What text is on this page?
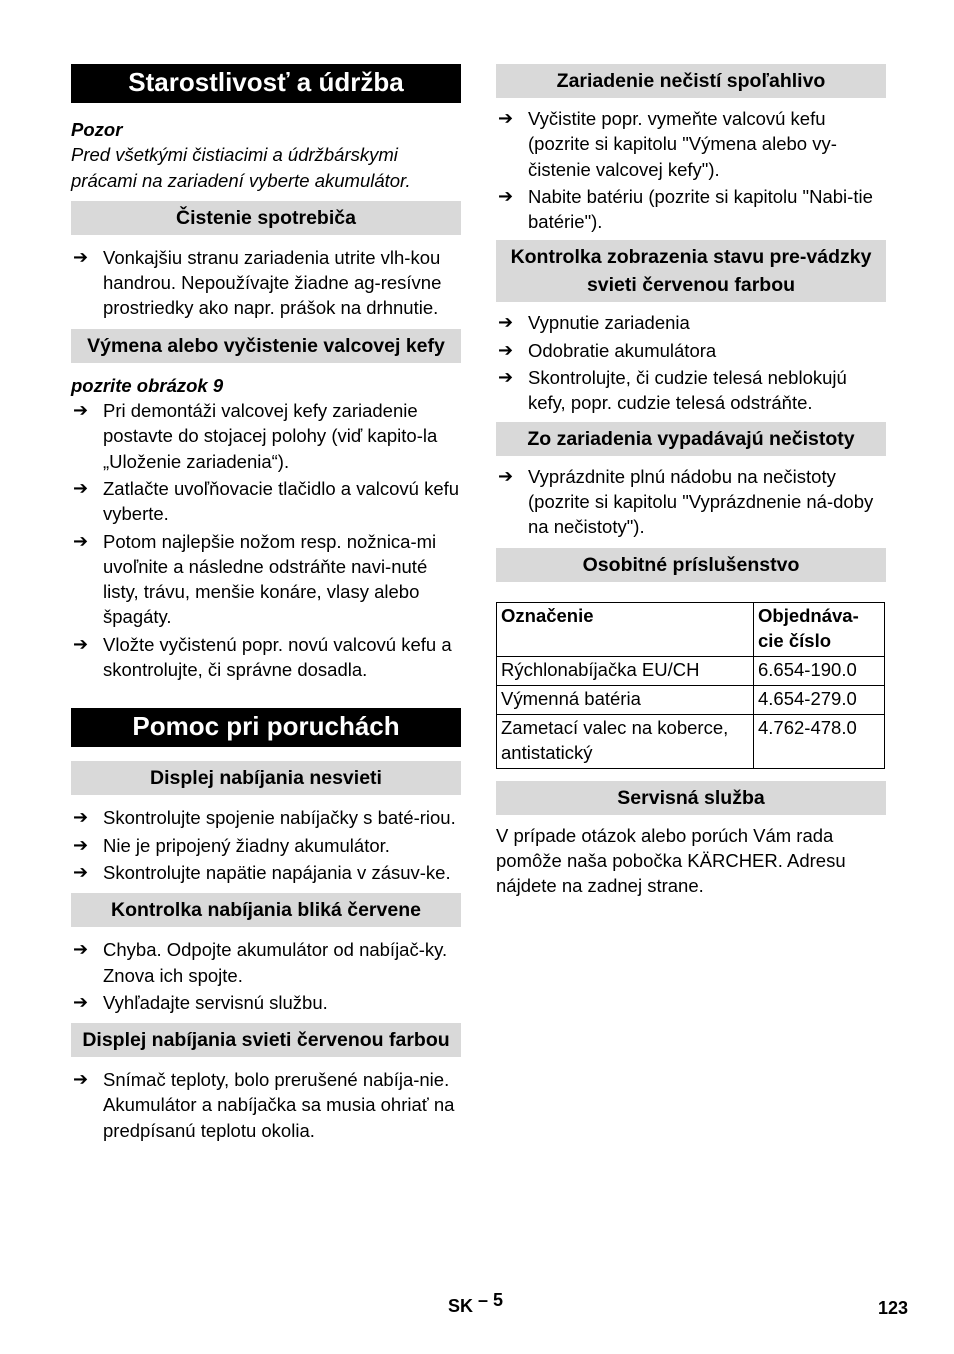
Starostlivosť a údržba

Pozor

Pred všetkými čistiacimi a údržbárskymi prácami na zariadení vyberte akumulátor.

Čistenie spotrebiča
➔ Vonkajšiu stranu zariadenia utrite vlh-kou handrou. Nepoužívajte žiadne ag-resívne prostriedky ako napr. prášok na drhnutie.
Výmena alebo vyčistenie valcovej kefy

pozrite obrázok 9

➔ Pri demontáži valcovej kefy zariadenie postavte do stojacej polohy (viď kapito-la „Uloženie zariadenia“).
➔ Zatlačte uvoľňovacie tlačidlo a valcovú kefu vyberte.
➔ Potom najlepšie nožom resp. nožnica-mi uvoľnite a následne odstráňte navi-nuté listy, trávu, menšie konáre, vlasy alebo špagáty.
➔ Vložte vyčistenú popr. novú valcovú kefu a skontrolujte, či správne dosadla.
Pomoc pri poruchách
Displej nabíjania nesvieti
➔ Skontrolujte spojenie nabíjačky s baté-riou.
➔ Nie je pripojený žiadny akumulátor.
➔ Skontrolujte napätie napájania v zásuv-ke.
Kontrolka nabíjania bliká červene
➔ Chyba. Odpojte akumulátor od nabíjač-ky. Znova ich spojte.
➔ Vyhľadajte servisnú službu.
Displej nabíjania svieti červenou farbou
➔ Snímač teploty, bolo prerušené nabíja-nie. Akumulátor a nabíjačka sa musia ohriať na predpísanú teplotu okolia.
Zariadenie nečistí spoľahlivo
➔ Vyčistite popr. vymeňte valcovú kefu (pozrite si kapitolu "Výmena alebo vy-čistenie valcovej kefy").
➔ Nabite batériu (pozrite si kapitolu "Nabi-tie batérie").
Kontrolka zobrazenia stavu pre-vádzky svieti červenou farbou
➔ Vypnutie zariadenia
➔ Odobratie akumulátora
➔ Skontrolujte, či cudzie telesá neblokujú kefy, popr. cudzie telesá odstráňte.
Zo zariadenia vypadávajú nečistoty
➔ Vyprázdnite plnú nádobu na nečistoty (pozrite si kapitolu "Vyprázdnenie ná-doby na nečistoty").
Osobitné príslušenstvo
Označenie	Objednáva-cie číslo
Rýchlonabíjačka EU/CH	6.654-190.0
Výmenná batéria	4.654-279.0
Zametací valec na koberce, antistatický	4.762-478.0
Servisná služba

V prípade otázok alebo porúch Vám rada pomôže naša pobočka KÄRCHER. Adresu nájdete na zadnej strane.

SK – 5	123
